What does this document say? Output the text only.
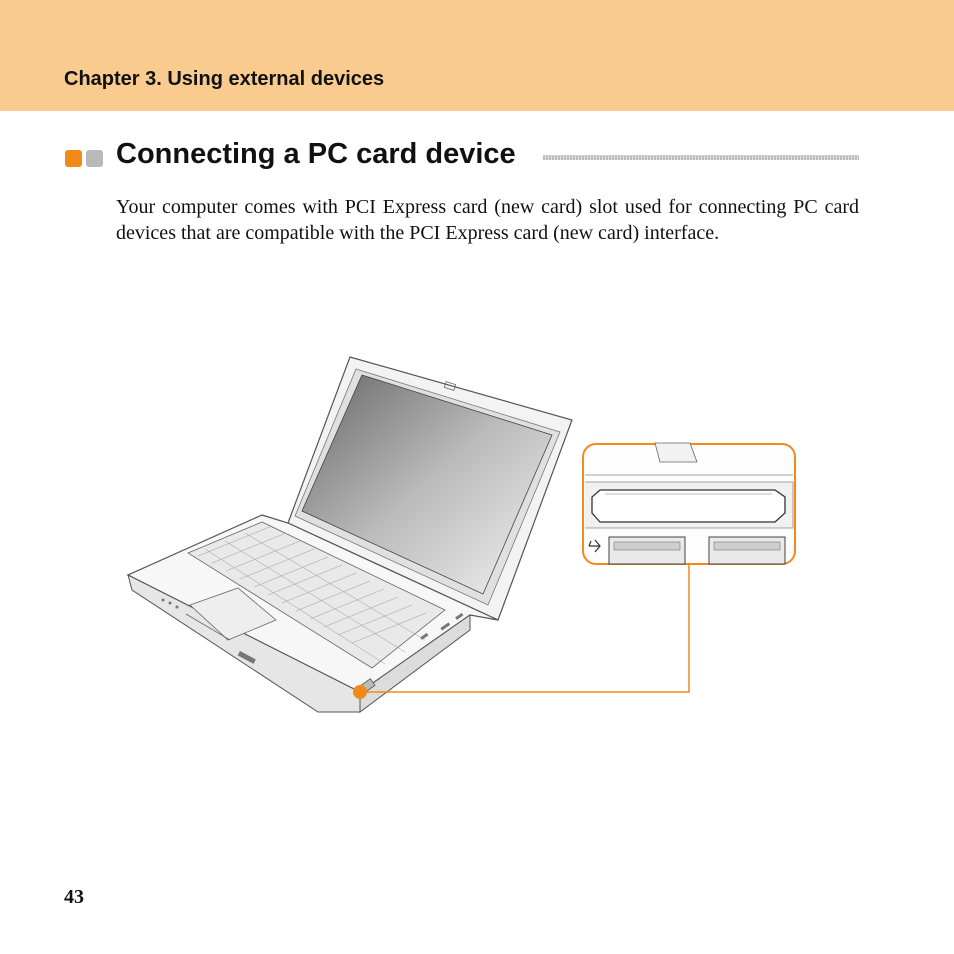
Chapter 3. Using external devices
Connecting a PC card device

Your computer comes with PCI Express card (new card) slot used for connecting PC card devices that are compatible with the PCI Express card (new card) interface.

43
